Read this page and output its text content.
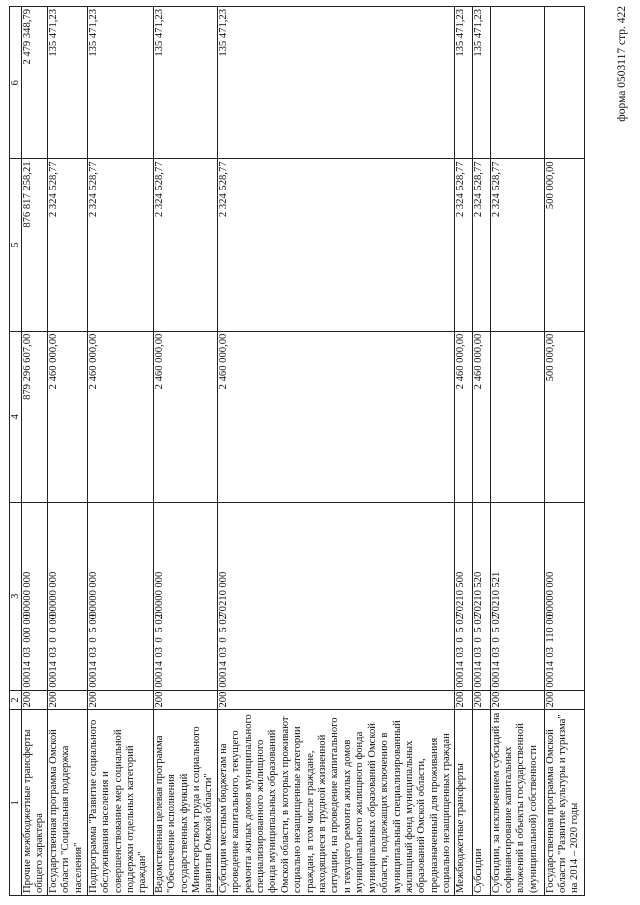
форма 0503117 стр. 422
1	2	3	4	5	6
Прочие межбюджетные трансферты общего характера	200	00014030000000000000	879 296 607,00	876 817 258,21	2 479 348,79
Государственная программа Омской области "Социальная поддержка населения"	200	0001403000000000000	2 460 000,00	2 324 528,77	135 471,23
Подпрограмма "Развитие социального обслуживания населения и совершенствование мер социальной поддержки отдельных категорий граждан"	200	0001403050000000000	2 460 000,00	2 324 528,77	135 471,23
Ведомственная целевая программа "Обеспечение исполнения государственных функций Министерством труда и социального развития Омской области"	200	0001403050200000000	2 460 000,00	2 324 528,77	135 471,23
Субсидии местным бюджетам на проведение капитального, текущего ремонта жилых домов муниципального специализированного жилищного фонда муниципальных образований Омской области, в которых проживают социально незащищенные категории граждан, в том числе граждане, находящиеся в трудной жизненной ситуации, на проведение капитального и текущего ремонта жилых домов муниципального жилищного фонда муниципальных образований Омской области, подлежащих включению в муниципальный специализированный жилищный фонд муниципальных образований Омской области, предназначенный для проживания социально незащищенных граждан	200	0001403050270210000	2 460 000,00	2 324 528,77	135 471,23
Межбюджетные трансферты	200	0001403050270210500	2 460 000,00	2 324 528,77	135 471,23
Субсидии	200	0001403050270210520	2 460 000,00	2 324 528,77	135 471,23
Субсидии, за исключением субсидий на софинансирование капитальных вложений в объекты государственной (муниципальной) собственности	200	0001403050270210521		2 324 528,77	
Государственная программа Омской области "Развитие культуры и туризма" на 2014 – 2020 годы	200	00014031100000000000	500 000,00	500 000,00	
